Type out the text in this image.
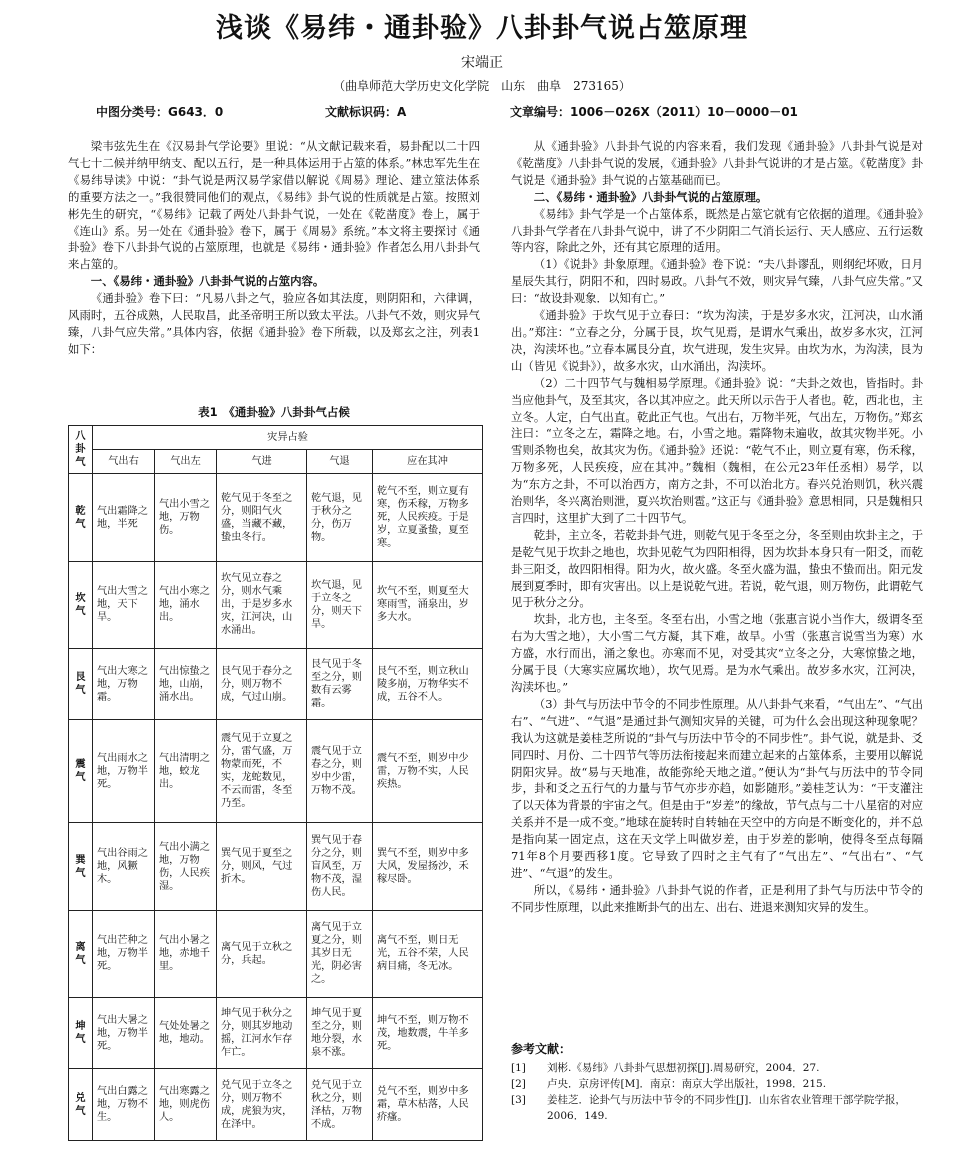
浅谈《易纬・通卦验》八卦卦气说占筮原理
宋端正
（曲阜师范大学历史文化学院　山东　曲阜　273165）
中图分类号：G643．0	文献标识码：A	文章编号：1006－026X（2011）10－0000－01

梁韦弦先生在《汉易卦气学论要》里说：“从文献记载来看，易卦配以二十四气七十二候并纳甲纳支、配以五行，是一种具体运用于占筮的体系。”林忠军先生在《易纬导读》中说：“卦气说是两汉易学家借以解说《周易》理论、建立筮法体系的重要方法之一。”我很赞同他们的观点，《易纬》卦气说的性质就是占筮。按照刘彬先生的研究，“《易纬》记载了两处八卦卦气说，一处在《乾凿度》卷上，属于《连山》系。另一处在《通卦验》卷下，属于《周易》系统。”本文将主要探讨《通卦验》卷下八卦卦气说的占筮原理，也就是《易纬・通卦验》作者怎么用八卦卦气来占筮的。

一、《易纬・通卦验》八卦卦气说的占筮内容。

《通卦验》卷下曰：“凡易八卦之气，验应各如其法度，则阴阳和，六律调，风雨时，五谷成熟，人民取昌，此圣帝明王所以致太平法。八卦气不效，则灾异气臻，八卦气应失常。”具体内容，依据《通卦验》卷下所载，以及郑玄之注，列表1如下：

表1　《通卦验》八卦卦气占候
八卦气	灾异占验				
	气出右	气出左	气进	气退	应在其冲
乾气	气出霜降之地，半死	气出小雪之地，万物伤。	乾气见于冬至之分，则阳气火盛，当藏不藏，蛰虫冬行。	乾气退，见于秋分之分，伤万物。	乾气不至，则立夏有寒，伤禾稼，万物多死，人民疾疫。于是岁，立夏蚤蛰，夏至寒。
坎气	气出大雪之地，天下旱。	气出小寒之地，涌水出。	坎气见立春之分，则水气乘出，于是岁多水灾，江河决，山水涌出。	坎气退，见于立冬之分，则天下旱。	坎气不至，则夏至大寒雨雪，涌泉出，岁多大水。
艮气	气出大寒之地，万物霜。	气出惊蛰之地，山崩，涌水出。	艮气见于春分之分，则万物不成，气过山崩。	艮气见于冬至之分，则数有云雾霜。	艮气不至，则立秋山陵多崩，万物华实不成，五谷不人。
震气	气出雨水之地，万物半死。	气出清明之地，蛟龙出。	震气见于立夏之分，雷气盛，万物蒙而死，不实，龙蛇数见，不云而雷，冬至乃至。	震气见于立春之分，则岁中少雷，万物不茂。	震气不至，则岁中少雷，万物不实，人民疾热。
巽气	气出谷雨之地，风獗木。	气出小满之地，万物伤，人民疾湿。	巽气见于夏至之分，则风，气过折木。	巽气见于春分之分，则盲风至，万物不茂，湿伤人民。	巽气不至，则岁中多大风，发屋扬沙，禾稼尽卧。
离气	气出芒种之地，万物半死。	气出小暑之地，赤地千里。	离气见于立秋之分，兵起。	离气见于立夏之分，则其岁日无光，阴必害之。	离气不至，则日无光，五谷不荣，人民病目痛，冬无冰。
坤气	气出大暑之地，万物半死。	气处处暑之地，地动。	坤气见于秋分之分，则其岁地动摇，江河水乍存乍亡。	坤气见于夏至之分，则地分裂，水泉不涨。	坤气不至，则万物不茂，地数震，牛羊多死。
兑气	气出白露之地，万物不生。	气出寒露之地，则虎伤人。	兑气见于立冬之分，则万物不成，虎狼为灾，在泽中。	兑气见于立秋之分，则泽枯，万物不成。	兑气不至，则岁中多霜，草木枯落，人民疥瘙。

从《通卦验》八卦卦气说的内容来看，我们发现《通卦验》八卦卦气说是对《乾凿度》八卦卦气说的发展，《通卦验》八卦卦气说讲的才是占筮。《乾凿度》卦气说是《通卦验》卦气说的占筮基础而已。

二、《易纬・通卦验》八卦卦气说的占筮原理。

《易纬》卦气学是一个占筮体系，既然是占筮它就有它依据的道理。《通卦验》八卦卦气学者在八卦卦气说中，讲了不少阴阳二气消长运行、天人感应、五行运数等内容，除此之外，还有其它原理的适用。

（1）《说卦》卦象原理。《通卦验》卷下说：“夫八卦谬乱，则纲纪坏败，日月星辰失其行，阴阳不和，四时易政。八卦气不效，则灾异气臻，八卦气应失常。”又曰：“故设卦观象．以知有亡。”

《通卦验》于坎气见于立春曰：“坎为沟渎，于是岁多水灾，江河决，山水涌出。”郑注：“立春之分，分属于艮，坎气见焉，是谓水气乘出，故岁多水灾，江河决，沟渎坏也。”立春本属艮分直，坎气进现，发生灾异。由坎为水，为沟渎，艮为山（皆见《说卦》），故多水灾，山水涌出，沟渎坏。

（2）二十四节气与魏相易学原理。《通卦验》说：“夫卦之效也，皆指时。卦当应他卦气，及至其灾，各以其冲应之。此天所以示告于人者也。乾，西北也，主立冬。人定，白气出直。乾此正气也。气出右，万物半死，气出左，万物伤。”郑玄注曰：“立冬之左，霜降之地。右，小雪之地。霜降物未遍收，故其灾物半死。小雪则杀物也矣，故其灾为伤。《通卦验》还说：“乾气不止，则立夏有寒，伤禾稼，万物多死，人民疾疫，应在其冲。”魏相（魏相，在公元23年任丞相）易学，以为“东方之卦，不可以治西方，南方之卦，不可以治北方。春兴兑治则饥，秋兴震治则华，冬兴离治则泄，夏兴坎治则雹。”这正与《通卦验》意思相同，只是魏相只言四时，这里扩大到了二十四节气。

乾卦，主立冬，若乾卦卦气进，则乾气见于冬至之分，冬至则由坎卦主之，于是乾气见于坎卦之地也，坎卦见乾气为四阳相得，因为坎卦本身只有一阳爻，而乾卦三阳爻，故四阳相得。阳为火，故火盛。冬至火盛为温，蛰虫不蛰而出。阳元发展到夏季时，即有灾害出。以上是说乾气进。若说，乾气退，则万物伤，此谓乾气见于秋分之分。

坎卦，北方也，主冬至。冬至右出，小雪之地（张惠言说小当作大，级谓冬至右为大雪之地），大小雪二气方凝，其下难，故旱。小雪（张惠言说雪当为寒）水方盛，水行而出，涌之象也。亦寒而不见，对受其灾“立冬之分，大寒惊蛰之地，分属于艮（大寒实应属坎地），坎气见焉。是为水气乘出。故岁多水灾，江河决，沟渎坏也。”

（3）卦气与历法中节令的不同步性原理。从八卦卦气来看，“气出左”、“气出右”、“气进”、“气退”是通过卦气测知灾异的关键，可为什么会出现这种现象呢？我认为这就是姜桂芝所说的“卦气与历法中节令的不同步性”。卦气说，就是卦、爻同四时、月份、二十四节气等历法衔接起来而建立起来的占筮体系，主要用以解说阴阳灾异。故“易与天地准，故能弥纶天地之道。”便认为“卦气与历法中的节令同步，卦和爻之五行气的力量与节气亦步亦趋，如影随形。”姜桂芝认为：“干支灌注了以天体为背景的宇宙之气。但是由于“岁差”的缘故，节气点与二十八星宿的对应关系并不是一成不变。”地球在旋转时自转轴在天空中的方向是不断变化的，并不总是指向某一固定点，这在天文学上叫做岁差，由于岁差的影响，使得冬至点每隔71年8个月要西移1度。它导致了四时之主气有了“气出左”、“气出右”、“气进”、“气退”的发生。

所以，《易纬・通卦验》八卦卦气说的作者，正是利用了卦气与历法中节令的不同步性原理，以此来推断卦气的出左、出右、进退来测知灾异的发生。

参考文献：
[1]	刘彬.《易纬》八卦卦气思想初探[J].周易研究，2004．27.
[2]	卢央．京房评传[M]．南京：南京大学出版社，1998．215.
[3]	姜桂芝．论卦气与历法中节令的不同步性[J]．山东省农业管理干部学院学报，2006．149.
